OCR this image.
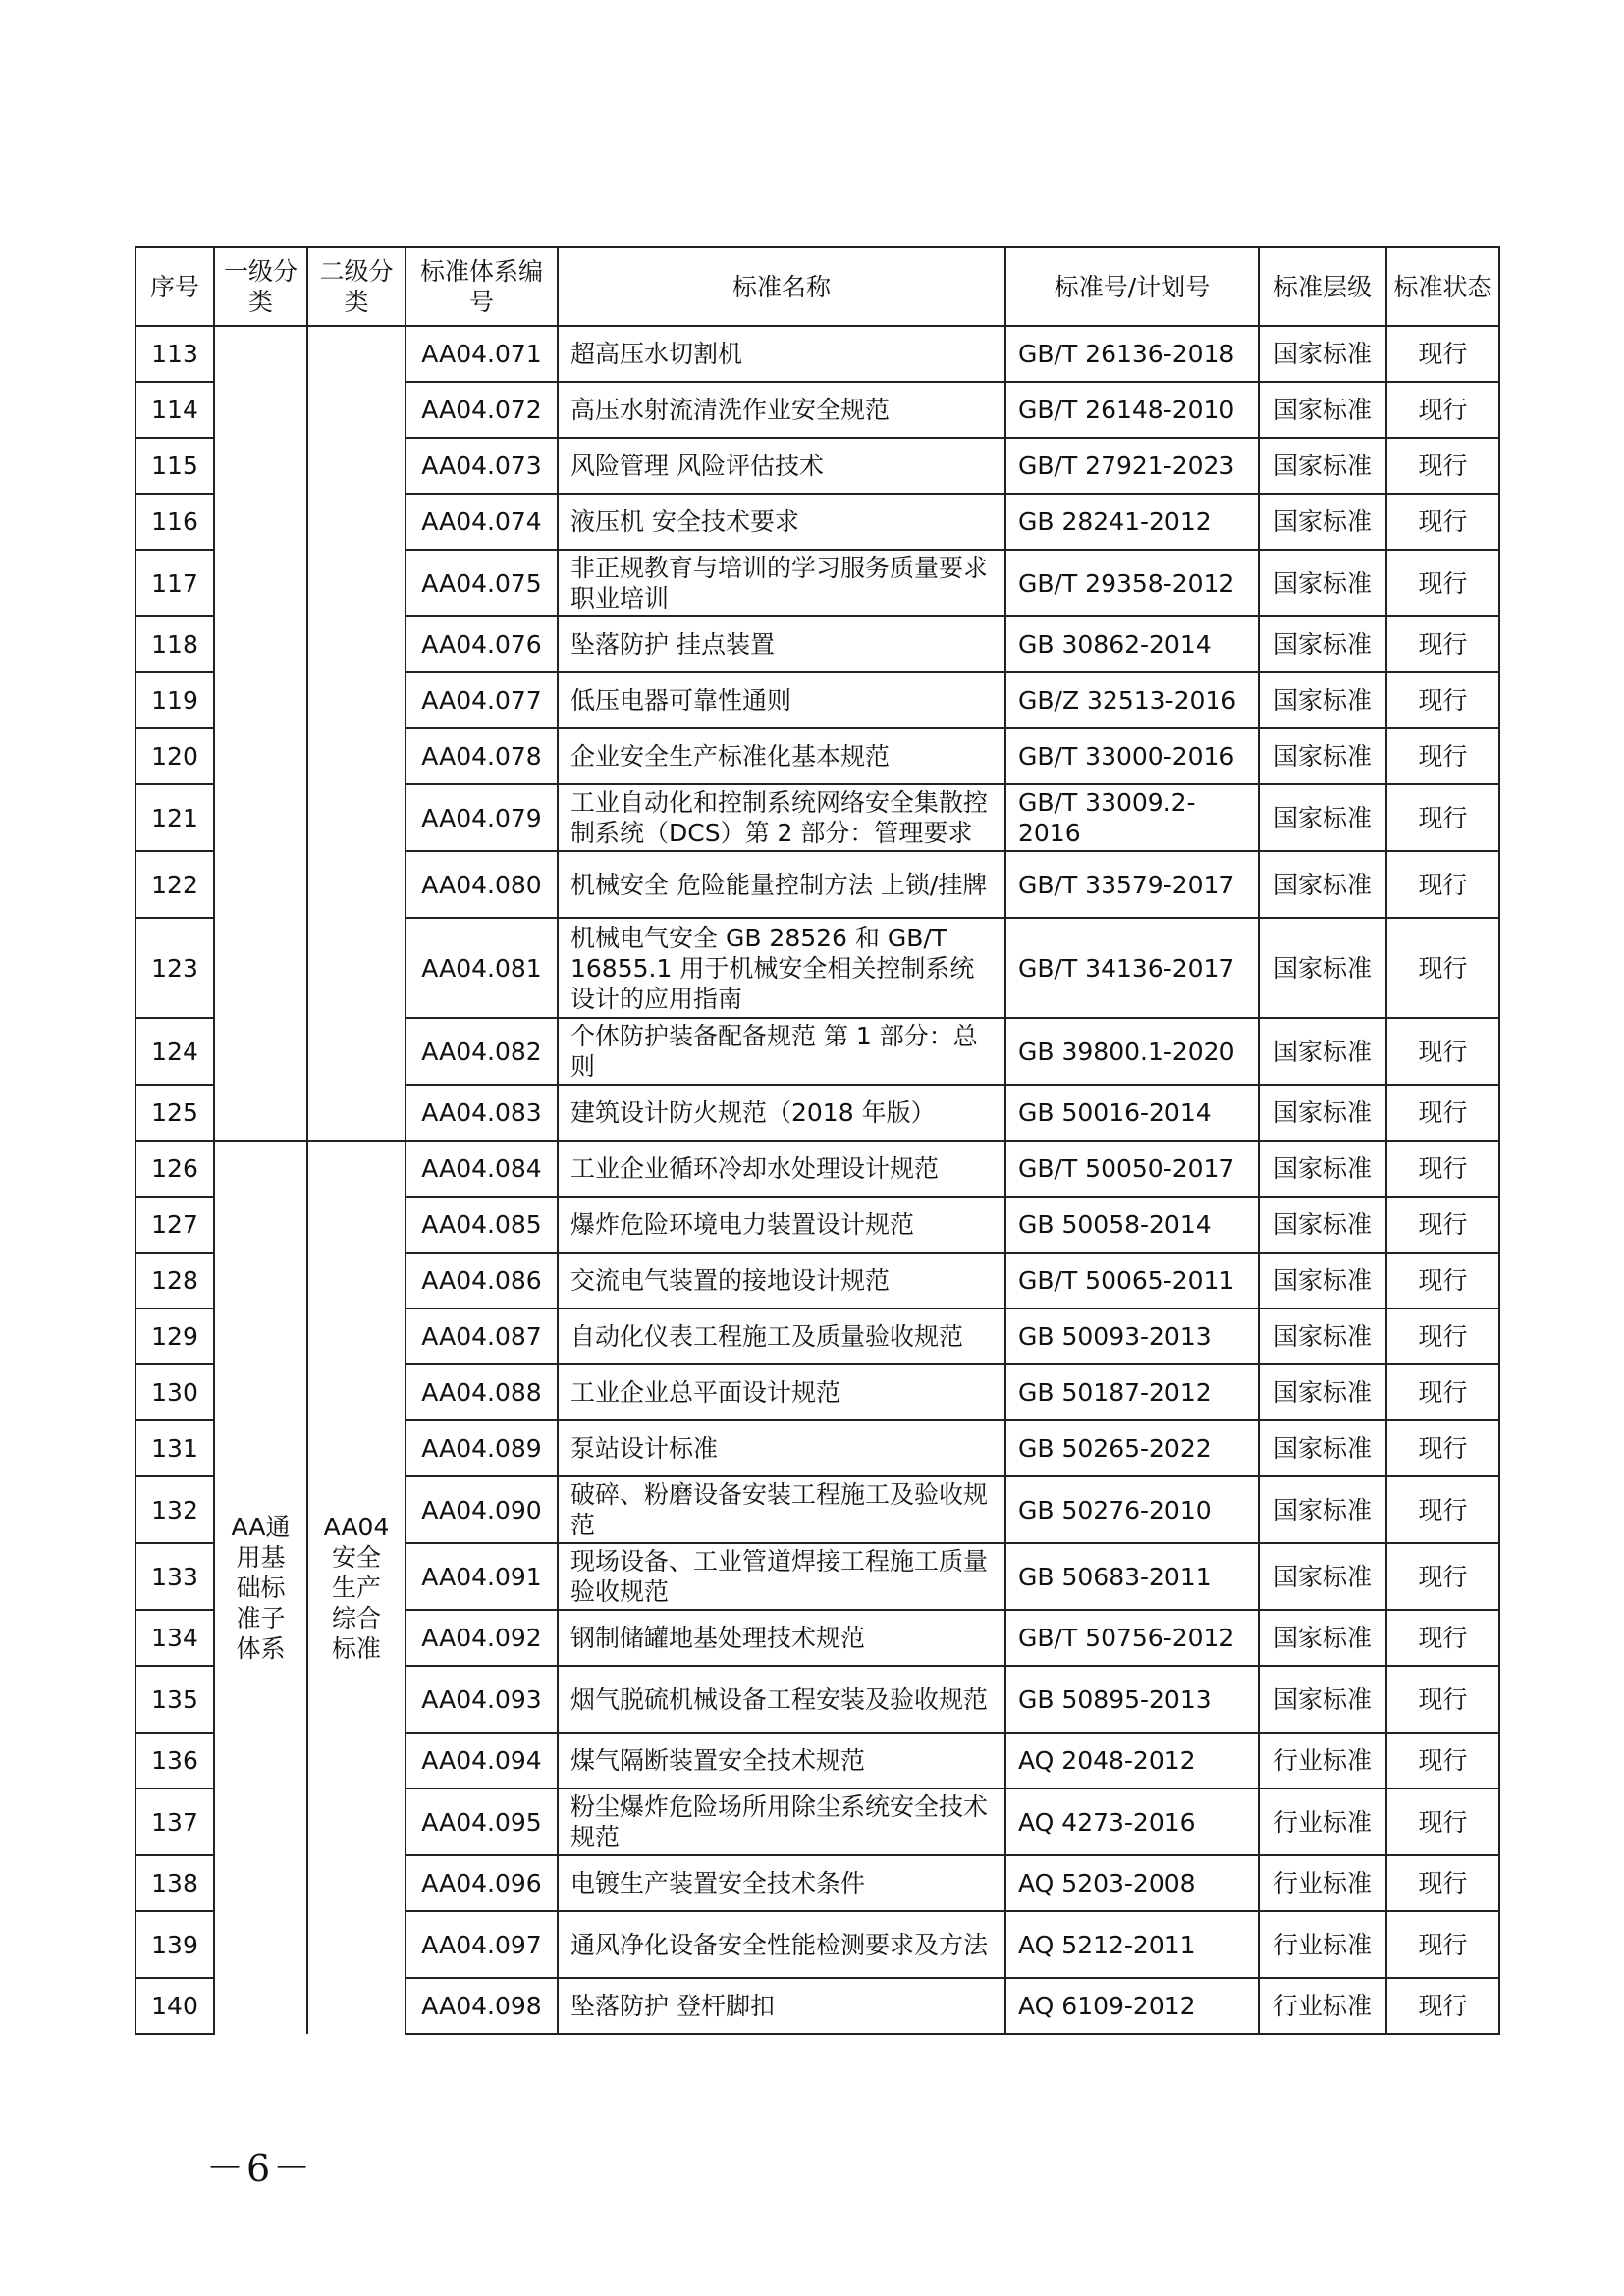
序号	一级分类	二级分类	标准体系编号	标准名称	标准号/计划号	标准层级	标准状态
113			AA04.071	超高压水切割机	GB/T 26136-2018	国家标准	现行
114			AA04.072	高压水射流清洗作业安全规范	GB/T 26148-2010	国家标准	现行
115			AA04.073	风险管理 风险评估技术	GB/T 27921-2023	国家标准	现行
116			AA04.074	液压机 安全技术要求	GB 28241-2012	国家标准	现行
117			AA04.075	非正规教育与培训的学习服务质量要求 职业培训	GB/T 29358-2012	国家标准	现行
118			AA04.076	坠落防护 挂点装置	GB 30862-2014	国家标准	现行
119			AA04.077	低压电器可靠性通则	GB/Z 32513-2016	国家标准	现行
120			AA04.078	企业安全生产标准化基本规范	GB/T 33000-2016	国家标准	现行
121			AA04.079	工业自动化和控制系统网络安全集散控制系统（DCS）第 2 部分：管理要求	GB/T 33009.2-2016	国家标准	现行
122			AA04.080	机械安全 危险能量控制方法 上锁/挂牌	GB/T 33579-2017	国家标准	现行
123			AA04.081	机械电气安全 GB 28526 和 GB/T 16855.1 用于机械安全相关控制系统设计的应用指南	GB/T 34136-2017	国家标准	现行
124			AA04.082	个体防护装备配备规范 第 1 部分：总则	GB 39800.1-2020	国家标准	现行
125			AA04.083	建筑设计防火规范（2018 年版）	GB 50016-2014	国家标准	现行
126	AA通用基础标准子体系	AA04安全生产综合标准	AA04.084	工业企业循环冷却水处理设计规范	GB/T 50050-2017	国家标准	现行
127			AA04.085	爆炸危险环境电力装置设计规范	GB 50058-2014	国家标准	现行
128			AA04.086	交流电气装置的接地设计规范	GB/T 50065-2011	国家标准	现行
129			AA04.087	自动化仪表工程施工及质量验收规范	GB 50093-2013	国家标准	现行
130			AA04.088	工业企业总平面设计规范	GB 50187-2012	国家标准	现行
131			AA04.089	泵站设计标准	GB 50265-2022	国家标准	现行
132			AA04.090	破碎、粉磨设备安装工程施工及验收规范	GB 50276-2010	国家标准	现行
133			AA04.091	现场设备、工业管道焊接工程施工质量验收规范	GB 50683-2011	国家标准	现行
134			AA04.092	钢制储罐地基处理技术规范	GB/T 50756-2012	国家标准	现行
135			AA04.093	烟气脱硫机械设备工程安装及验收规范	GB 50895-2013	国家标准	现行
136			AA04.094	煤气隔断装置安全技术规范	AQ 2048-2012	行业标准	现行
137			AA04.095	粉尘爆炸危险场所用除尘系统安全技术规范	AQ 4273-2016	行业标准	现行
138			AA04.096	电镀生产装置安全技术条件	AQ 5203-2008	行业标准	现行
139			AA04.097	通风净化设备安全性能检测要求及方法	AQ 5212-2011	行业标准	现行
140			AA04.098	坠落防护 登杆脚扣	AQ 6109-2012	行业标准	现行
－6－
